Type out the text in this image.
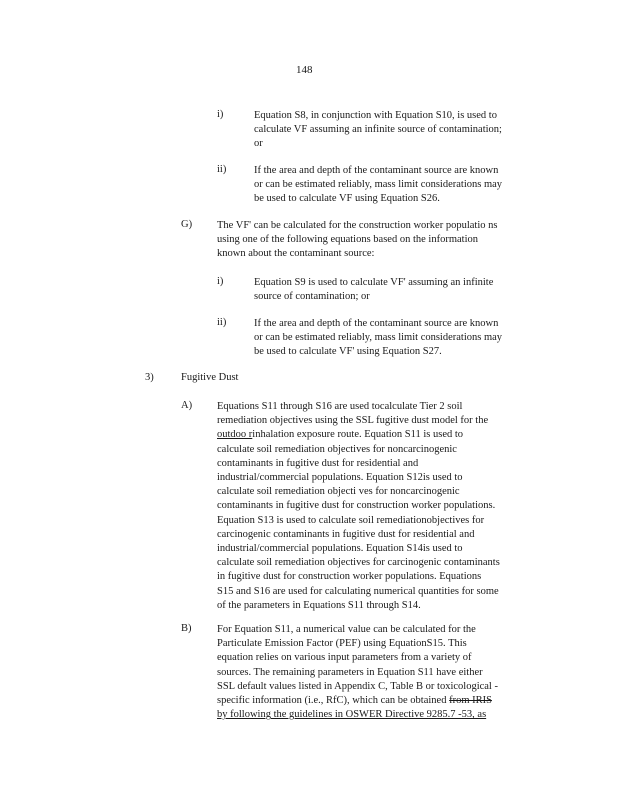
148
i)	Equation S8, in conjunction with Equation S10, is used to
calculate VF assuming an infinite source of contamination;
or
ii)	If the area and depth of the contaminant source are known
or can be estimated reliably, mass limit considerations may
be used to calculate VF using Equation S26.
G) The VF' can be calculated for the construction worker populatio ns
using one of the following equations based on the information
known about the contaminant source:
i)	Equation S9 is used to calculate VF' assuming an infinite
source of contamination; or
ii)	If the area and depth of the contaminant source are known
or can be estimated reliably, mass limit considerations may
be used to calculate VF' using Equation S27.
3)	Fugitive Dust
A) Equations S11 through S16 are used tocalculate Tier 2 soil
remediation objectives using the SSL fugitive dust model for the
outdoo rinhalation exposure route. Equation S11 is used to
calculate soil remediation objectives for noncarcinogenic
contaminants in fugitive dust for residential and
industrial/commercial populations. Equation S12is used to
calculate soil remediation objecti ves for noncarcinogenic
contaminants in fugitive dust for construction worker populations.
Equation S13 is used to calculate soil remediationobjectives for
carcinogenic contaminants in fugitive dust for residential and
industrial/commercial populations. Equation S14is used to
calculate soil remediation objectives for carcinogenic contaminants
in fugitive dust for construction worker populations. Equations
S15 and S16 are used for calculating numerical quantities for some
of the parameters in Equations S11 through S14.
B) For Equation S11, a numerical value can be calculated for the
Particulate Emission Factor (PEF) using EquationS15. This
equation relies on various input parameters from a variety of
sources. The remaining parameters in Equation S11 have either
SSL default values listed in Appendix C, Table B or toxicological -
specific information (i.e., RfC), which can be obtained from IRIS
by following the guidelines in OSWER Directive 9285.7 -53, as
